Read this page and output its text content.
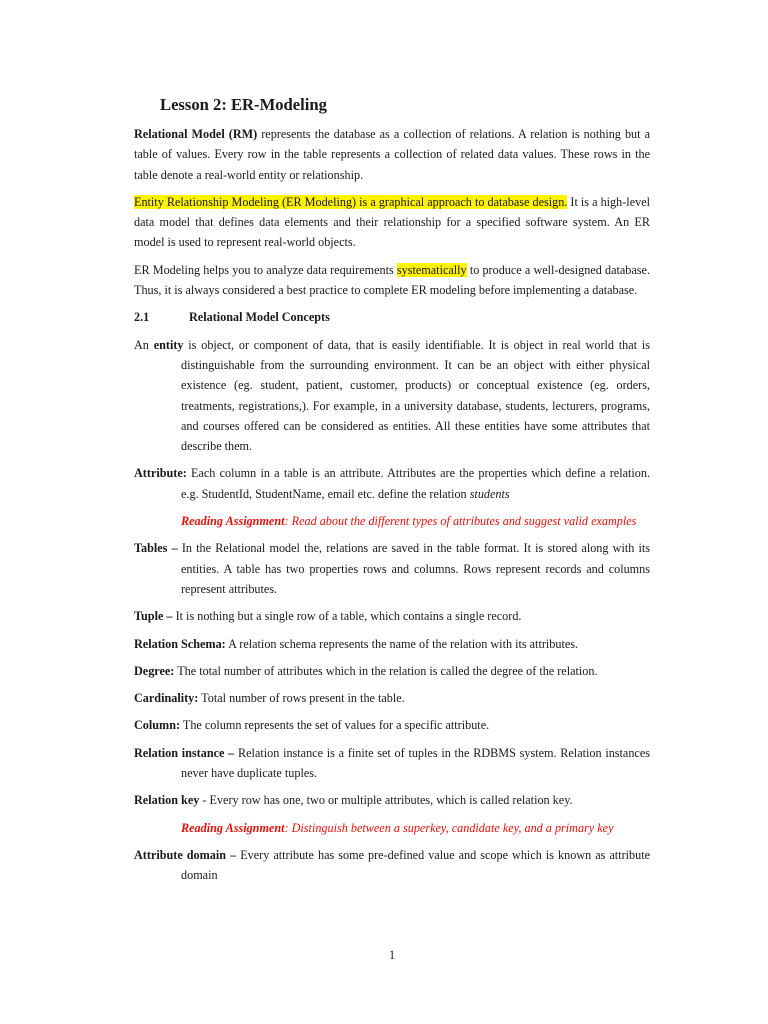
Lesson 2: ER-Modeling

Relational Model (RM) represents the database as a collection of relations. A relation is nothing but a table of values. Every row in the table represents a collection of related data values. These rows in the table denote a real-world entity or relationship.

Entity Relationship Modeling (ER Modeling) is a graphical approach to database design. It is a high-level data model that defines data elements and their relationship for a specified software system. An ER model is used to represent real-world objects.

ER Modeling helps you to analyze data requirements systematically to produce a well-designed database. Thus, it is always considered a best practice to complete ER modeling before implementing a database.

2.1	Relational Model Concepts

An entity is object, or component of data, that is easily identifiable. It is object in real world that is distinguishable from the surrounding environment. It can be an object with either physical existence (eg. student, patient, customer, products) or conceptual existence (eg. orders, treatments, registrations,). For example, in a university database, students, lecturers, programs, and courses offered can be considered as entities. All these entities have some attributes that describe them.

Attribute: Each column in a table is an attribute. Attributes are the properties which define a relation. e.g. StudentId, StudentName, email etc. define the relation students

Reading Assignment: Read about the different types of attributes and suggest valid examples

Tables – In the Relational model the, relations are saved in the table format. It is stored along with its entities. A table has two properties rows and columns. Rows represent records and columns represent attributes.

Tuple – It is nothing but a single row of a table, which contains a single record.

Relation Schema: A relation schema represents the name of the relation with its attributes.

Degree: The total number of attributes which in the relation is called the degree of the relation.

Cardinality: Total number of rows present in the table.

Column: The column represents the set of values for a specific attribute.

Relation instance – Relation instance is a finite set of tuples in the RDBMS system. Relation instances never have duplicate tuples.

Relation key - Every row has one, two or multiple attributes, which is called relation key.

Reading Assignment: Distinguish between a superkey, candidate key, and a primary key

Attribute domain – Every attribute has some pre-defined value and scope which is known as attribute domain

1
